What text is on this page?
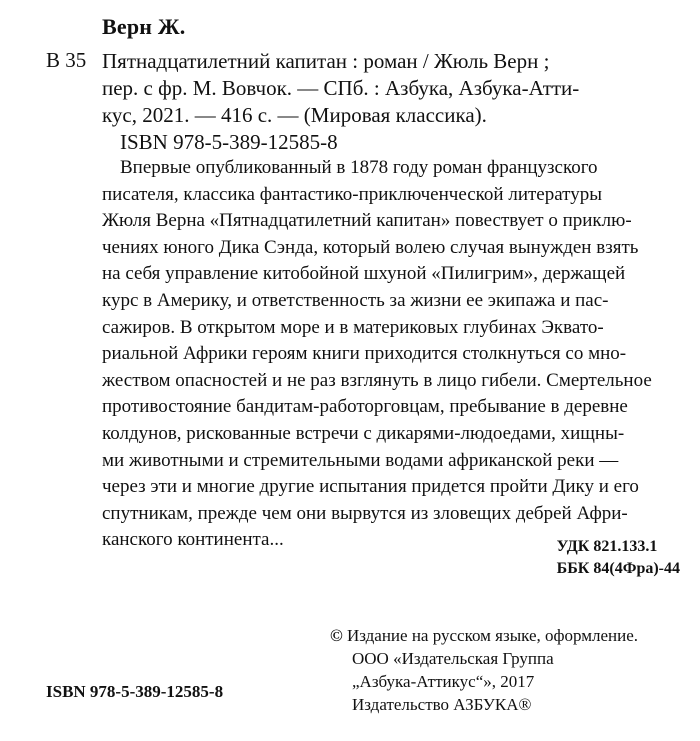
Верн Ж.
В 35 Пятнадцатилетний капитан : роман / Жюль Верн ;
пер. с фр. М. Вовчок. — СПб. : Азбука, Азбука-Атти-
кус, 2021. — 416 с. — (Мировая классика).
ISBN 978-5-389-12585-8
Впервые опубликованный в 1878 году роман французского
писателя, классика фантастико-приключенческой литературы
Жюля Верна «Пятнадцатилетний капитан» повествует о приклю-
чениях юного Дика Сэнда, который волею случая вынужден взять
на себя управление китобойной шхуной «Пилигрим», держащей
курс в Америку, и ответственность за жизни ее экипажа и пас-
сажиров. В открытом море и в материковых глубинах Эквато-
риальной Африки героям книги приходится столкнуться со мно-
жеством опасностей и не раз взглянуть в лицо гибели. Смертельное
противостояние бандитам-работорговцам, пребывание в деревне
колдунов, рискованные встречи с дикарями-людоедами, хищны-
ми животными и стремительными водами африканской реки —
через эти и многие другие испытания придется пройти Дику и его
спутникам, прежде чем они вырвутся из зловещих дебрей Афри-
канского континента...	УДК 821.133.1
ББК 84(4Фра)-44
© Издание на русском языке, оформление.
ООО «Издательская Группа
„Азбука-Аттикус“», 2017
Издательство АЗБУКА®
ISBN 978-5-389-12585-8
